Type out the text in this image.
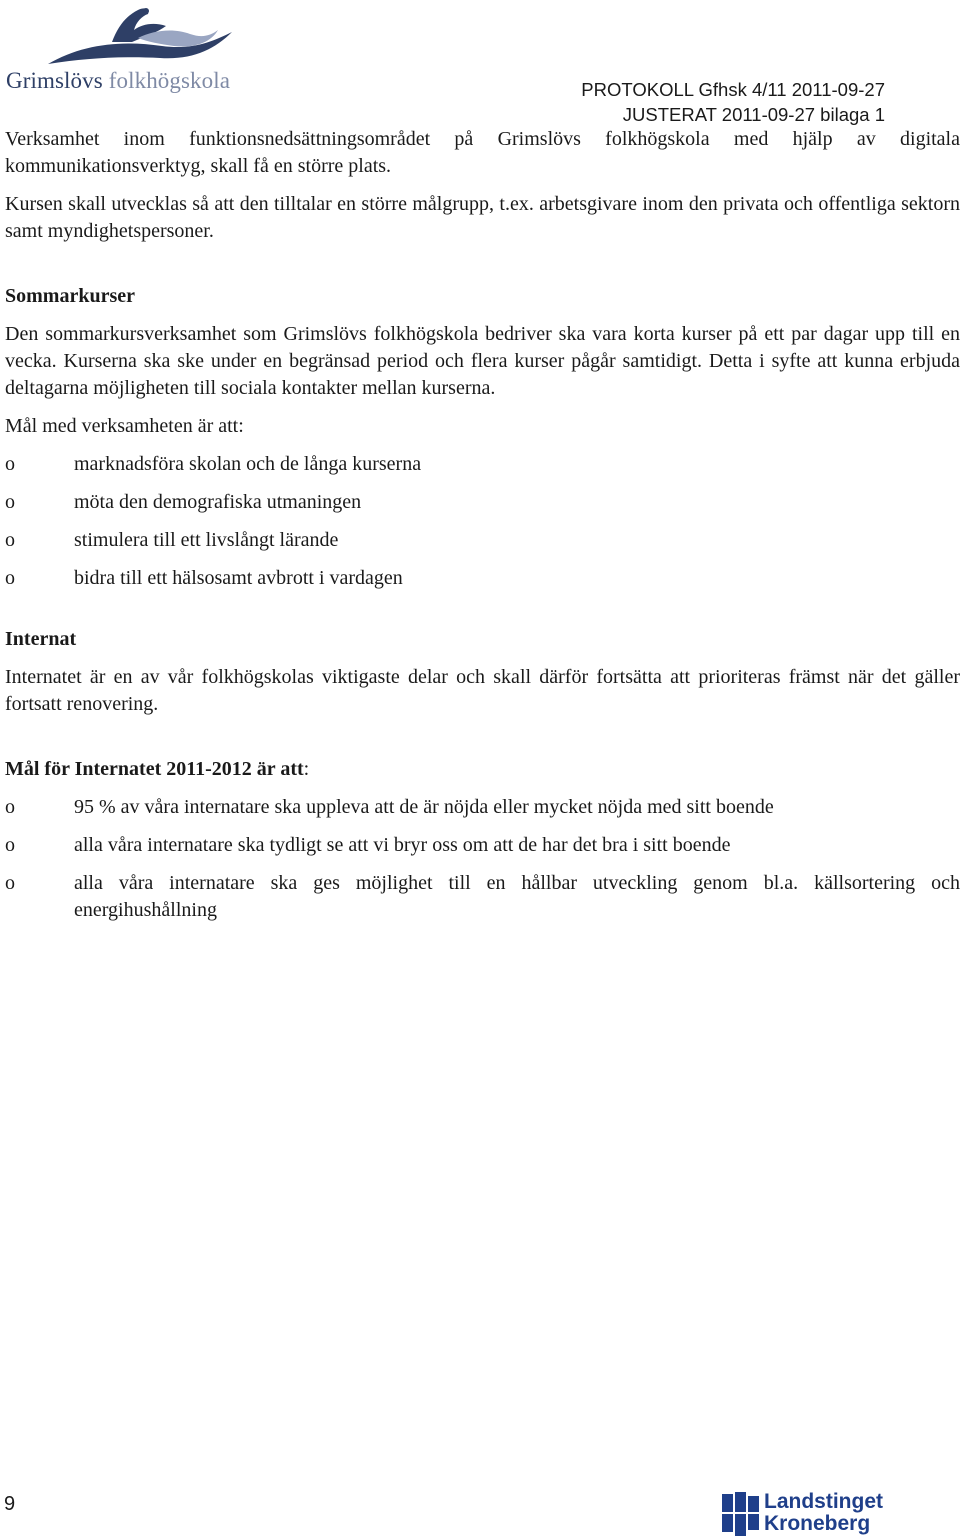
Grimslövs folkhögskola	PROTOKOLL Gfhsk 4/11 2011-09-27
JUSTERAT 2011-09-27 bilaga 1

Verksamhet inom funktionsnedsättningsområdet på Grimslövs folkhögskola med hjälp av digitala kommunikationsverktyg, skall få en större plats.

Kursen skall utvecklas så att den tilltalar en större målgrupp, t.ex. arbetsgivare inom den privata och offentliga sektorn samt myndighetspersoner.

Sommarkurser

Den sommarkursverksamhet som Grimslövs folkhögskola bedriver ska vara korta kurser på ett par dagar upp till en vecka. Kurserna ska ske under en begränsad period och flera kurser pågår samtidigt. Detta i syfte att kunna erbjuda deltagarna möjligheten till sociala kontakter mellan kurserna.

Mål med verksamheten är att:

o	marknadsföra skolan och de långa kurserna
o	möta den demografiska utmaningen
o	stimulera till ett livslångt lärande
o	bidra till ett hälsosamt avbrott i vardagen
Internat

Internatet är en av vår folkhögskolas viktigaste delar och skall därför fortsätta att prioriteras främst när det gäller fortsatt renovering.

Mål för Internatet 2011-2012 är att:

o	95 % av våra internatare ska uppleva att de är nöjda eller mycket nöjda med sitt boende
o	alla våra internatare ska tydligt se att vi bryr oss om att de har det bra i sitt boende
o	alla våra internatare ska ges möjlighet till en hållbar utveckling genom bl.a. källsortering och energihushållning
9	Landstinget
Kroneberg
